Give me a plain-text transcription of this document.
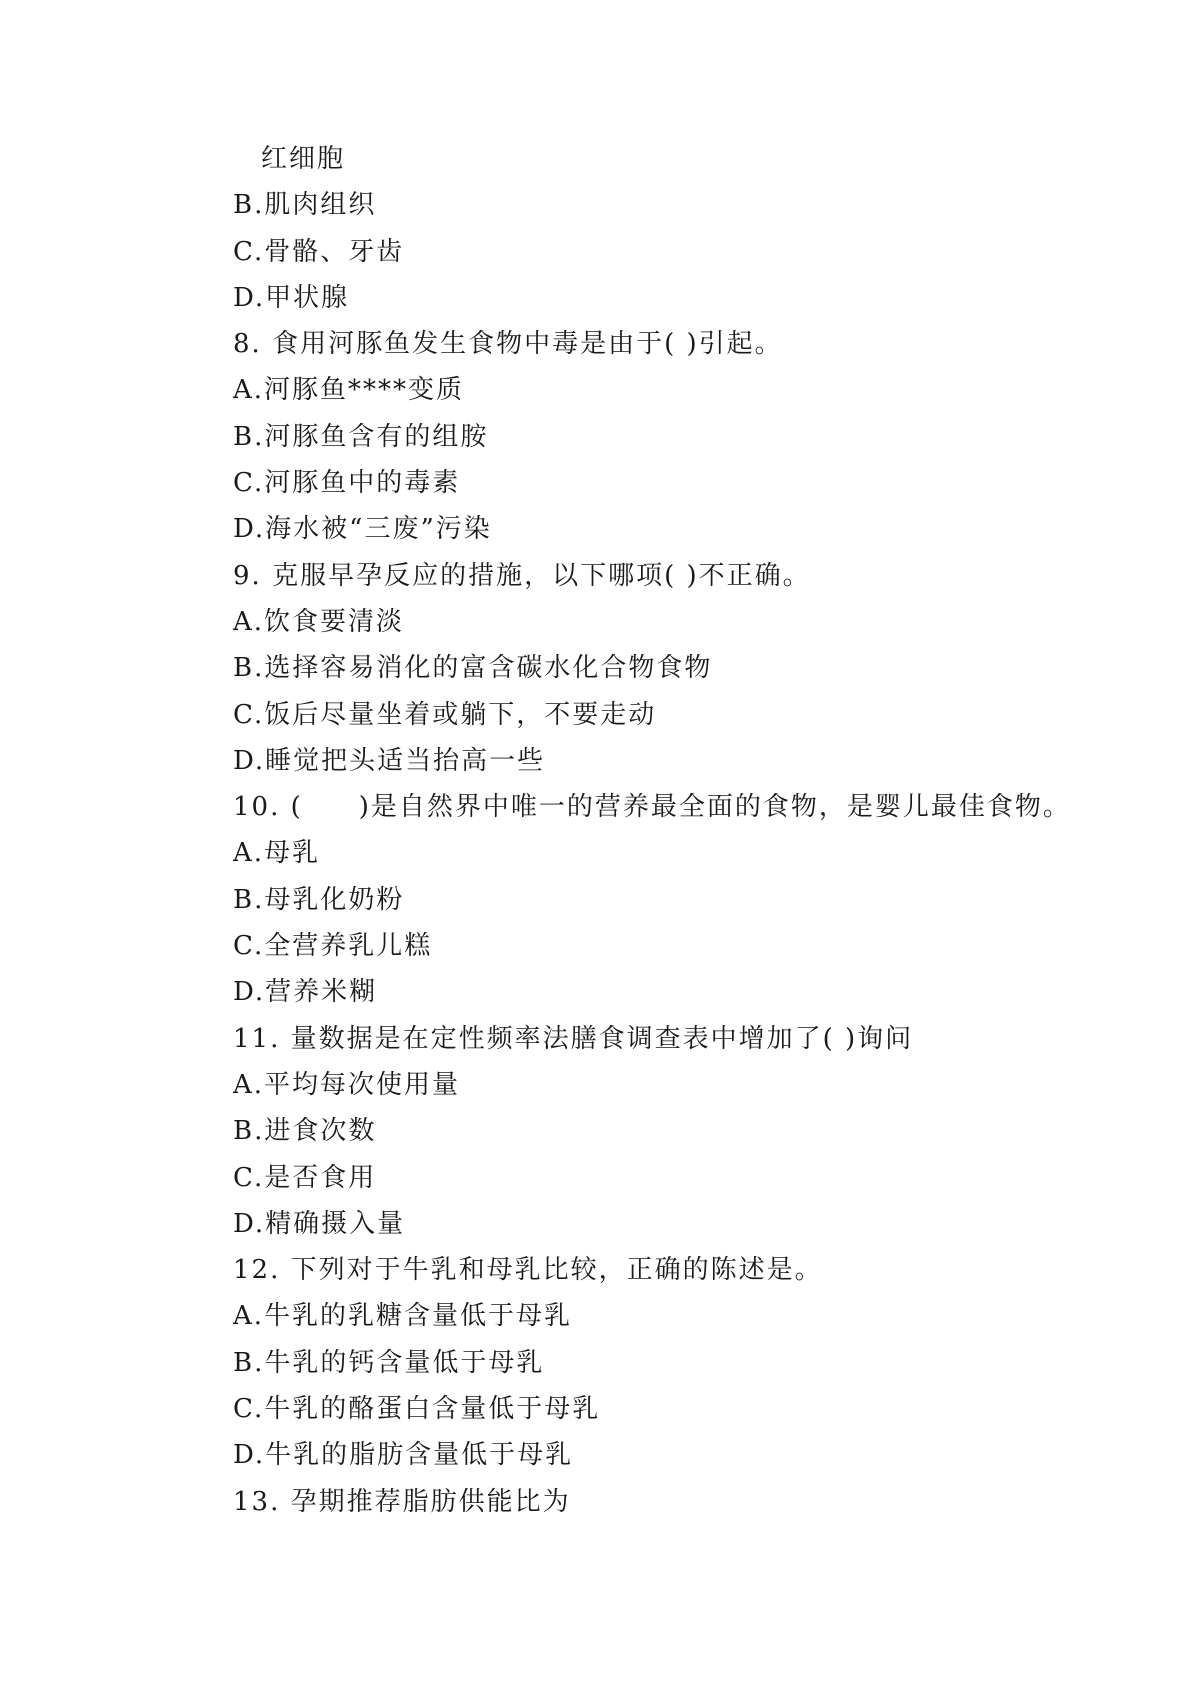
红细胞
B.肌肉组织
C.骨骼、牙齿
D.甲状腺
8. 食用河豚鱼发生食物中毒是由于( )引起。
A.河豚鱼****变质
B.河豚鱼含有的组胺
C.河豚鱼中的毒素
D.海水被“三废”污染
9. 克服早孕反应的措施，以下哪项( )不正确。
A.饮食要清淡
B.选择容易消化的富含碳水化合物食物
C.饭后尽量坐着或躺下，不要走动
D.睡觉把头适当抬高一些
10. (　　)是自然界中唯一的营养最全面的食物，是婴儿最佳食物。
A.母乳
B.母乳化奶粉
C.全营养乳儿糕
D.营养米糊
11. 量数据是在定性频率法膳食调查表中增加了( )询问
A.平均每次使用量
B.进食次数
C.是否食用
D.精确摄入量
12. 下列对于牛乳和母乳比较，正确的陈述是。
A.牛乳的乳糖含量低于母乳
B.牛乳的钙含量低于母乳
C.牛乳的酪蛋白含量低于母乳
D.牛乳的脂肪含量低于母乳
13. 孕期推荐脂肪供能比为
